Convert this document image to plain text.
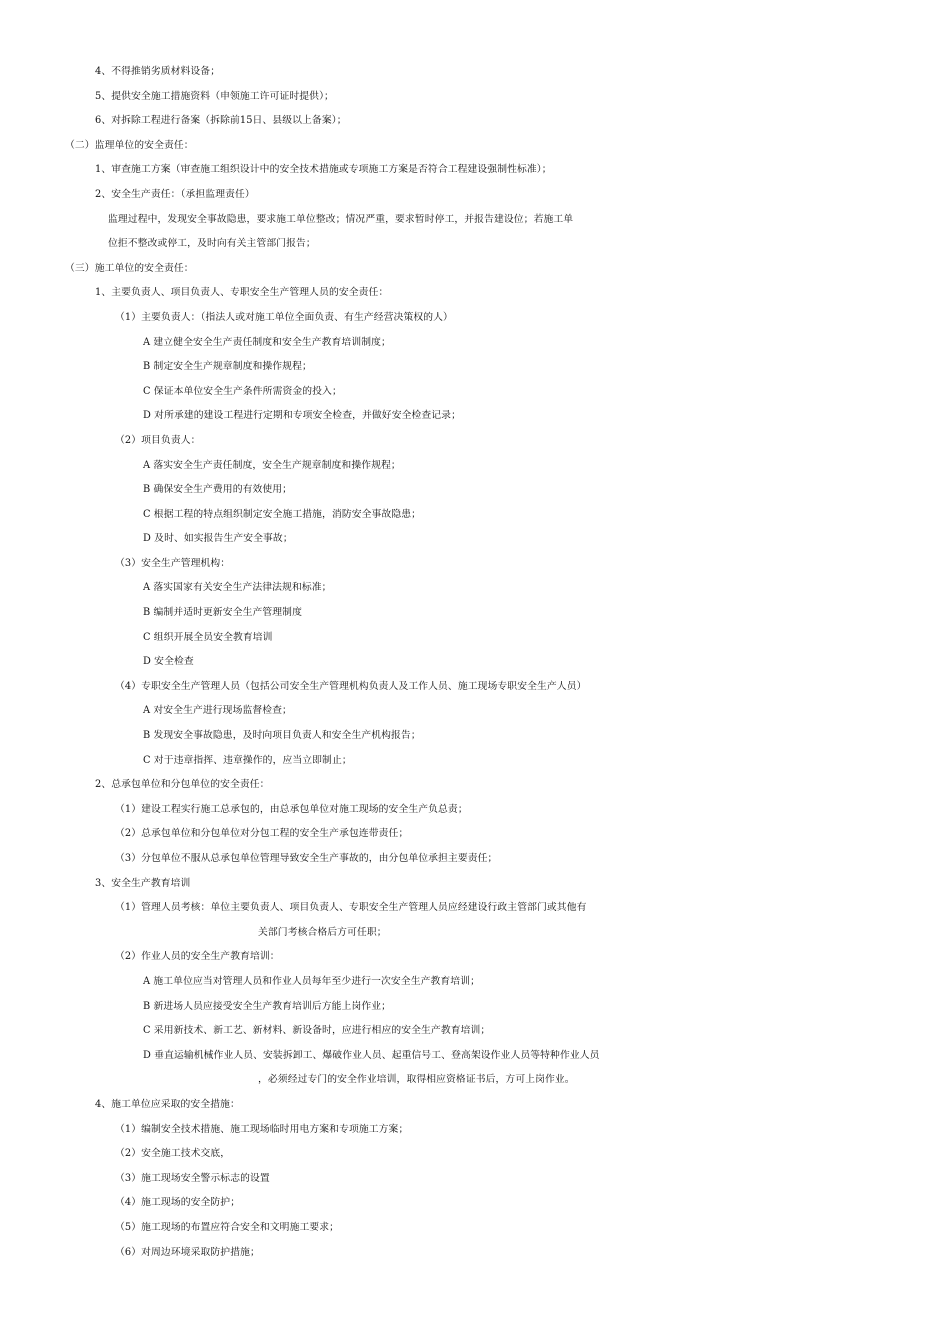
4、不得推销劣质材料设备；
5、提供安全施工措施资料（申领施工许可证时提供）；
6、对拆除工程进行备案（拆除前15日、县级以上备案）；
（二）监理单位的安全责任：
1、审查施工方案（审查施工组织设计中的安全技术措施或专项施工方案是否符合工程建设强制性标准）；
2、安全生产责任：（承担监理责任）
监理过程中，发现安全事故隐患，要求施工单位整改；情况严重，要求暂时停工，并报告建设位；若施工单
位拒不整改或停工，及时向有关主管部门报告；
（三）施工单位的安全责任：
1、主要负责人、项目负责人、专职安全生产管理人员的安全责任：
（1）主要负责人：（指法人或对施工单位全面负责、有生产经营决策权的人）
A 建立健全安全生产责任制度和安全生产教育培训制度；
B 制定安全生产规章制度和操作规程；
C 保证本单位安全生产条件所需资金的投入；
D 对所承建的建设工程进行定期和专项安全检查，并做好安全检查记录；
（2）项目负责人：
A 落实安全生产责任制度，安全生产规章制度和操作规程；
B 确保安全生产费用的有效使用；
C 根据工程的特点组织制定安全施工措施，消防安全事故隐患；
D 及时、如实报告生产安全事故；
（3）安全生产管理机构：
A 落实国家有关安全生产法律法规和标准；
B 编制并适时更新安全生产管理制度
C 组织开展全员安全教育培训
D 安全检查
（4）专职安全生产管理人员（包括公司安全生产管理机构负责人及工作人员、施工现场专职安全生产人员）
A 对安全生产进行现场监督检查；
B 发现安全事故隐患，及时向项目负责人和安全生产机构报告；
C 对于违章指挥、违章操作的，应当立即制止；
2、总承包单位和分包单位的安全责任：
（1）建设工程实行施工总承包的，由总承包单位对施工现场的安全生产负总责；
（2）总承包单位和分包单位对分包工程的安全生产承包连带责任；
（3）分包单位不服从总承包单位管理导致安全生产事故的，由分包单位承担主要责任；
3、安全生产教育培训
（1）管理人员考核：单位主要负责人、项目负责人、专职安全生产管理人员应经建设行政主管部门或其他有
关部门考核合格后方可任职；
（2）作业人员的安全生产教育培训：
A 施工单位应当对管理人员和作业人员每年至少进行一次安全生产教育培训；
B 新进场人员应接受安全生产教育培训后方能上岗作业；
C 采用新技术、新工艺、新材料、新设备时，应进行相应的安全生产教育培训；
D 垂直运输机械作业人员、安装拆卸工、爆破作业人员、起重信号工、登高架设作业人员等特种作业人员
，必须经过专门的安全作业培训，取得相应资格证书后，方可上岗作业。
4、施工单位应采取的安全措施：
（1）编制安全技术措施、施工现场临时用电方案和专项施工方案；
（2）安全施工技术交底，
（3）施工现场安全警示标志的设置
（4）施工现场的安全防护；
（5）施工现场的布置应符合安全和文明施工要求；
（6）对周边环境采取防护措施；
